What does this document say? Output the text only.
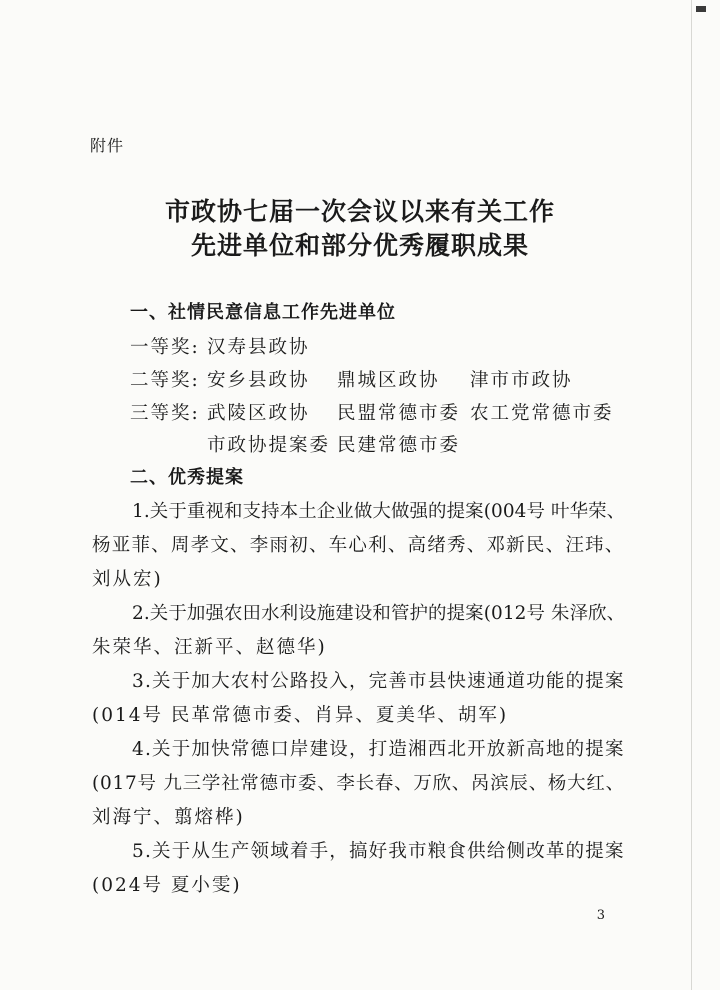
附件
市政协七届一次会议以来有关工作
先进单位和部分优秀履职成果
一、社情民意信息工作先进单位
一等奖: 汉寿县政协
二等奖: 安乡县政协 鼎城区政协 津市市政协
三等奖: 武陵区政协 民盟常德市委 农工党常德市委
市政协提案委 民建常德市委
二、优秀提案
1.关于重视和支持本土企业做大做强的提案(004号 叶华荣、
杨亚菲、周孝文、李雨初、车心利、高绪秀、邓新民、汪玮、
刘从宏)
2.关于加强农田水利设施建设和管护的提案(012号 朱泽欣、
朱荣华、汪新平、赵德华)
3.关于加大农村公路投入，完善市县快速通道功能的提案
(014号 民革常德市委、肖异、夏美华、胡军)
4.关于加快常德口岸建设，打造湘西北开放新高地的提案
(017号 九三学社常德市委、李长春、万欣、呙滨辰、杨大红、
刘海宁、翦熔桦)
5.关于从生产领域着手，搞好我市粮食供给侧改革的提案
(024号 夏小雯)
3
